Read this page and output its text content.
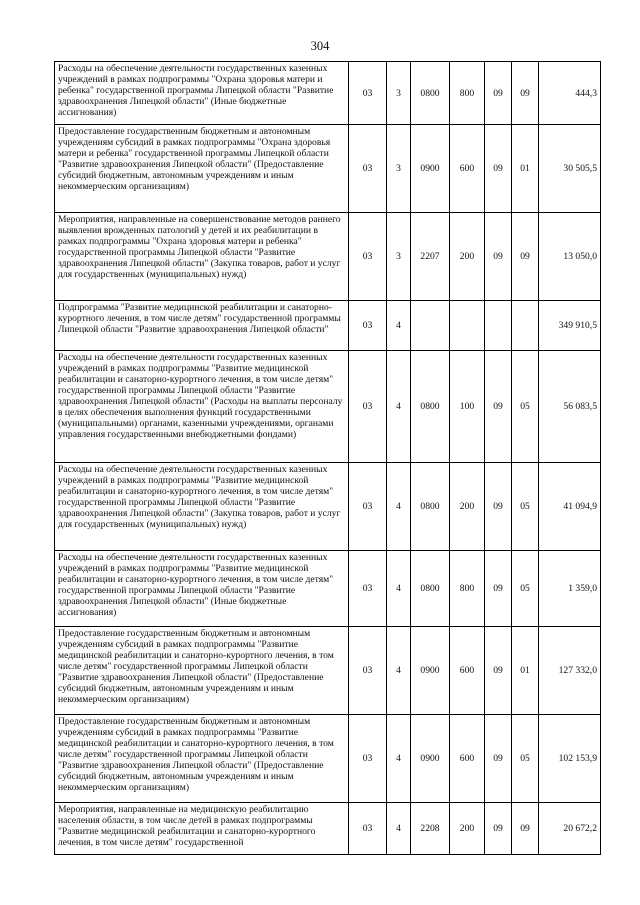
304
Расходы на обеспечение деятельности государственных казенных учреждений в рамках подпрограммы "Охрана здоровья матери и ребенка" государственной программы Липецкой области "Развитие здравоохранения Липецкой области" (Иные бюджетные ассигнования)	03	3	0800	800	09	09	444,3
Предоставление государственным бюджетным и автономным учреждениям субсидий в рамках подпрограммы "Охрана здоровья матери и ребенка" государственной программы Липецкой области "Развитие здравоохранения Липецкой области" (Предоставление субсидий бюджетным, автономным учреждениям и иным некоммерческим организациям)	03	3	0900	600	09	01	30 505,5
Мероприятия, направленные на совершенствование методов раннего выявления врожденных патологий у детей и их реабилитации в рамках подпрограммы "Охрана здоровья матери и ребенка" государственной программы Липецкой области "Развитие здравоохранения Липецкой области" (Закупка товаров, работ и услуг для государственных (муниципальных) нужд)	03	3	2207	200	09	09	13 050,0
Подпрограмма "Развитие медицинской реабилитации и санаторно-курортного лечения, в том числе детям" государственной программы Липецкой области "Развитие здравоохранения Липецкой области"	03	4					349 910,5
Расходы на обеспечение деятельности государственных казенных учреждений в рамках подпрограммы "Развитие медицинской реабилитации и санаторно-курортного лечения, в том числе детям" государственной программы Липецкой области "Развитие здравоохранения Липецкой области" (Расходы на выплаты персоналу в целях обеспечения выполнения функций государственными (муниципальными) органами, казенными учреждениями, органами управления государственными внебюджетными фондами)	03	4	0800	100	09	05	56 083,5
Расходы на обеспечение деятельности государственных казенных учреждений в рамках подпрограммы "Развитие медицинской реабилитации и санаторно-курортного лечения, в том числе детям" государственной программы Липецкой области "Развитие здравоохранения Липецкой области" (Закупка товаров, работ и услуг для государственных (муниципальных) нужд)	03	4	0800	200	09	05	41 094,9
Расходы на обеспечение деятельности государственных казенных учреждений в рамках подпрограммы "Развитие медицинской реабилитации и санаторно-курортного лечения, в том числе детям" государственной программы Липецкой области "Развитие здравоохранения Липецкой области" (Иные бюджетные ассигнования)	03	4	0800	800	09	05	1 359,0
Предоставление государственным бюджетным и автономным учреждениям субсидий в рамках подпрограммы "Развитие медицинской реабилитации и санаторно-курортного лечения, в том числе детям" государственной программы Липецкой области "Развитие здравоохранения Липецкой области" (Предоставление субсидий бюджетным, автономным учреждениям и иным некоммерческим организациям)	03	4	0900	600	09	01	127 332,0
Предоставление государственным бюджетным и автономным учреждениям субсидий в рамках подпрограммы "Развитие медицинской реабилитации и санаторно-курортного лечения, в том числе детям" государственной программы Липецкой области "Развитие здравоохранения Липецкой области" (Предоставление субсидий бюджетным, автономным учреждениям и иным некоммерческим организациям)	03	4	0900	600	09	05	102 153,9
Мероприятия, направленные на медицинскую реабилитацию населения области, в том числе детей в рамках подпрограммы "Развитие медицинской реабилитации и санаторно-курортного лечения, в том числе детям" государственной	03	4	2208	200	09	09	20 672,2
